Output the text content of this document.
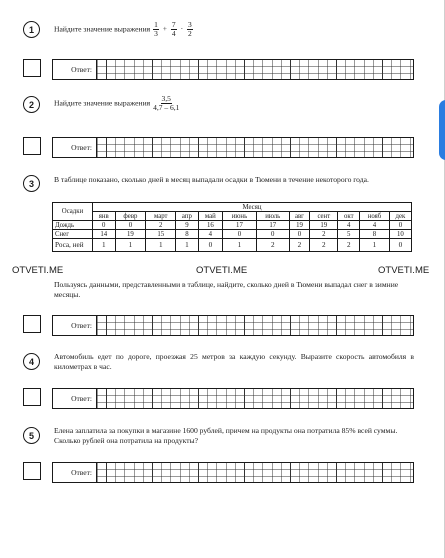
1	Найдите значение выражения $\frac{1}{3} + \frac{7}{4} \cdot \frac{3}{2}$
Ответ:
2	Найдите значение выражения $\frac{3,5}{4,7 - 6,1}$
Ответ:
3	В таблице показано, сколько дней в месяц выпадали осадки в Тюмени в течение некоторого года.
Осадки	Месяц											
	янв	февр	март	апр	май	июнь	июль	авг	сент	окт	нояб	дек
Дождь	0	0	2	9	16	17	17	19	19	4	4	0
Снег	14	19	15	8	4	0	0	0	2	5	8	10
Роса, ней	1	1	1	1	0	1	2	2	2	2	1	0
OTVETI.ME	OTVETI.ME	OTVETI.ME
Пользуясь данными, представленными в таблице, найдите, сколько дней в Тюмени выпадал снег в зимние месяцы.
Ответ:
4	Автомобиль едет по дороге, проезжая 25 метров за каждую секунду. Выразите скорость автомобиля в километрах в час.
Ответ:
5	Елена заплатила за покупки в магазине 1600 рублей, причем на продукты она потратила 85% всей суммы. Сколько рублей она потратила на продукты?
Ответ:
